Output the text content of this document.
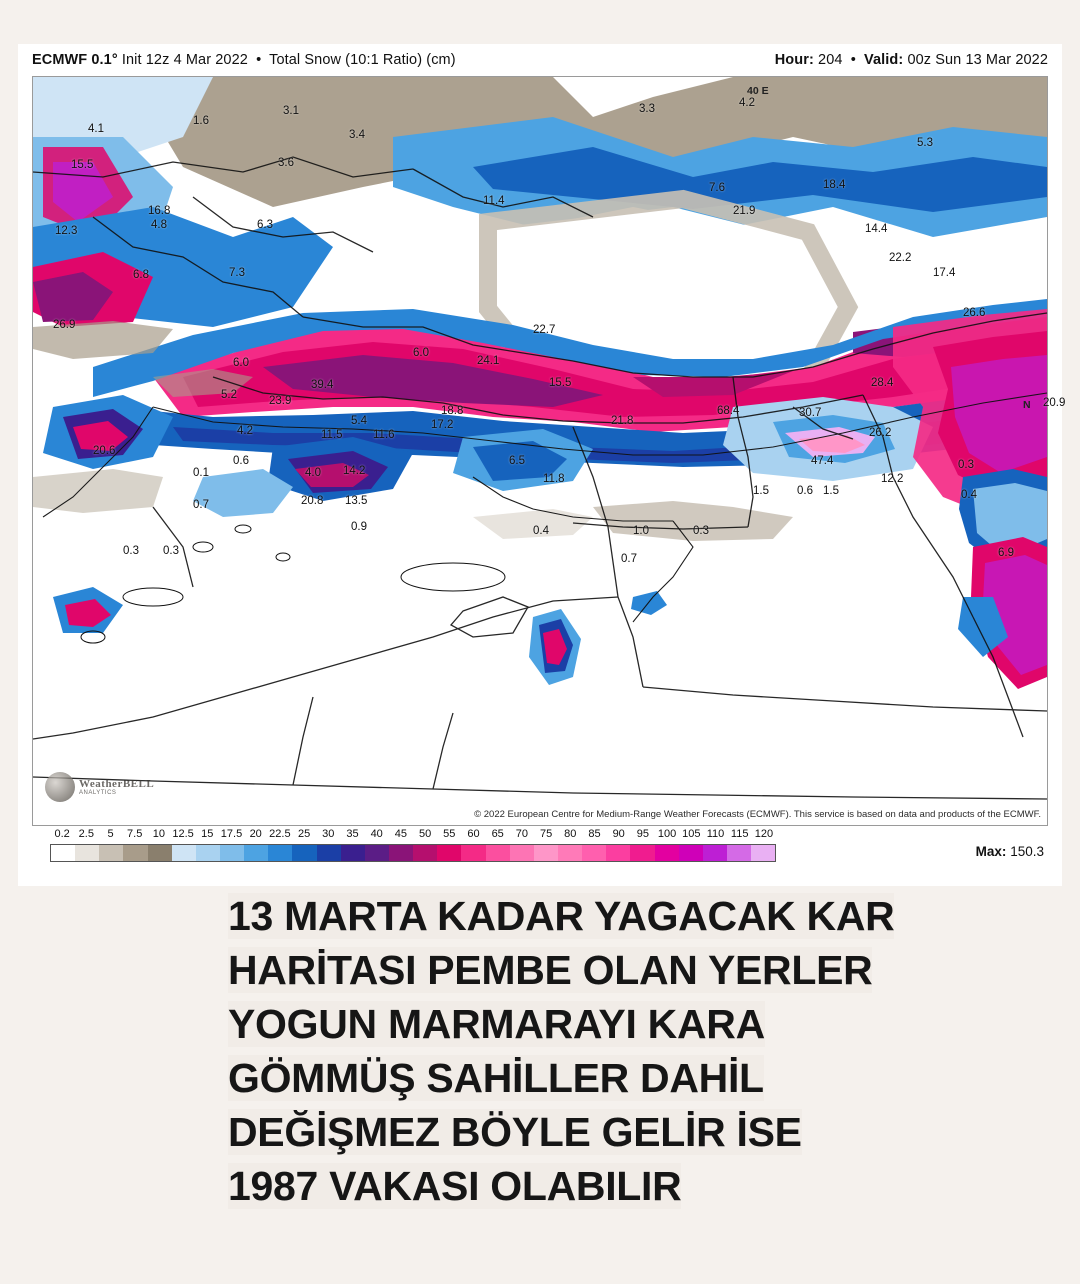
ECMWF 0.1° Init 12z 4 Mar 2022 • Total Snow (10:1 Ratio) (cm)	Hour: 204 • Valid: 00z Sun 13 Mar 2022
4.1
1.6
3.1
3.4
3.3	4.2
15.5	3.6
5.3
16.8
4.8	6.3
11.4
7.6	18.4
12.3
21.9
14.4
6.8	7.3
22.2
17.4
26.9	22.7
26.6
6.0
6.0
24.1
39.4	15.5	28.4
5.2	23.9
18.8
17.2	21.8
68.4	30.7
20.9
4.2	11.5	11.6
5.4
26.2
20.6
0.6	6.5	47.4
4.0 14.2
11.8	12.2
0.3
0.1
1.5 0.6 1.5	0.4
20.8 13.5
0.7
0.9	0.4	1.0	0.3
0.3 0.3
0.7	6.9
40 E
N
WeatherBELL
ANALYTICS
© 2022 European Centre for Medium-Range Weather Forecasts (ECMWF). This service is based on data and products of the ECMWF.
0.2 2.5 5 7.5 10 12.5 15 17.5 20 22.5 25 30 35 40 45 50 55 60 65 70 75 80 85 90 95 100 105 110 115 120
Max: 150.3
13 MARTA KADAR YAGACAK KAR
HARİTASI PEMBE OLAN YERLER
YOGUN MARMARAYI KARA
GÖMMÜŞ SAHİLLER DAHİL
DEĞİŞMEZ BÖYLE GELİR İSE
1987 VAKASI OLABILIR
